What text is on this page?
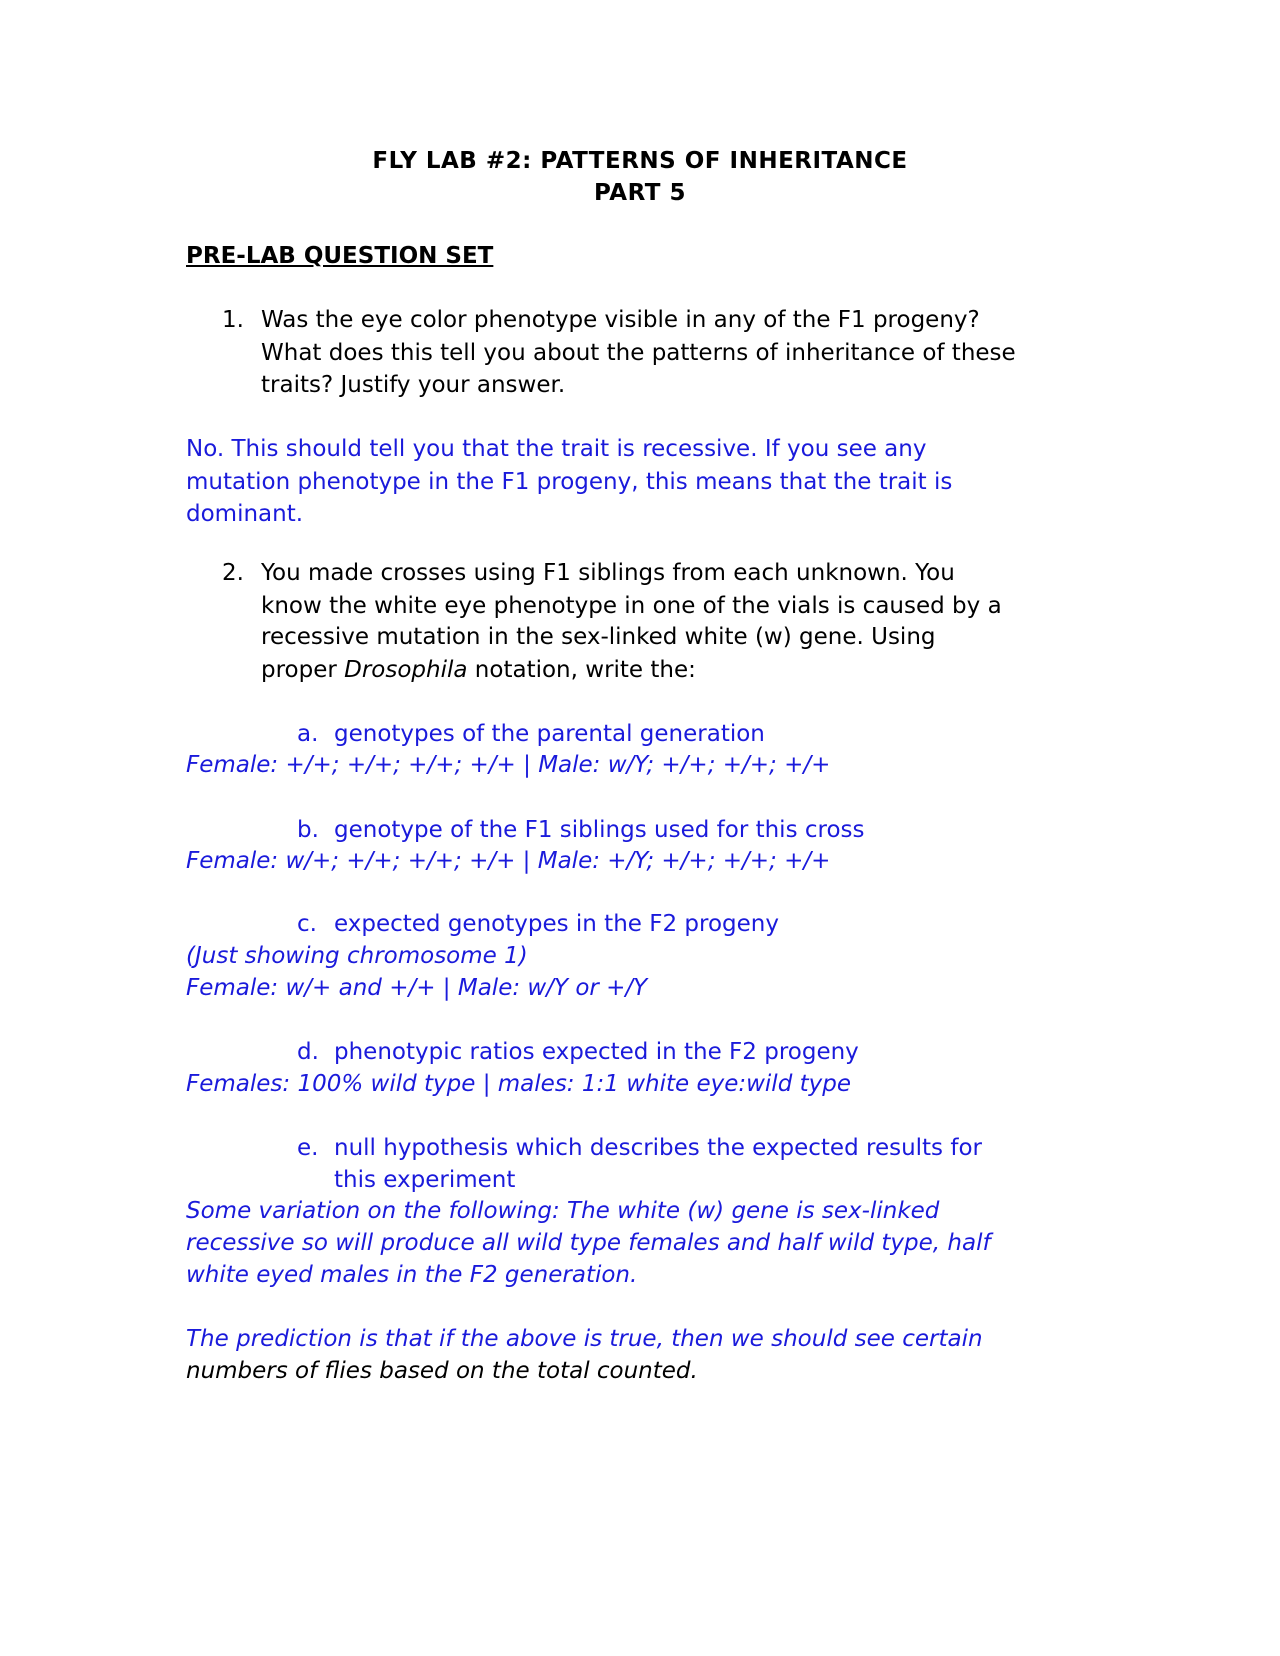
FLY LAB #2: PATTERNS OF INHERITANCE

PART 5

PRE-LAB QUESTION SET

1. Was the eye color phenotype visible in any of the F1 progeny?

What does this tell you about the patterns of inheritance of these

traits? Justify your answer.

No. This should tell you that the trait is recessive. If you see any

mutation phenotype in the F1 progeny, this means that the trait is

dominant.

2. You made crosses using F1 siblings from each unknown. You

know the white eye phenotype in one of the vials is caused by a

recessive mutation in the sex-linked white (w) gene. Using

proper Drosophila notation, write the:

a. genotypes of the parental generation

Female: +/+; +/+; +/+; +/+ | Male: w/Y; +/+; +/+; +/+

b. genotype of the F1 siblings used for this cross

Female: w/+; +/+; +/+; +/+ | Male: +/Y; +/+; +/+; +/+

c. expected genotypes in the F2 progeny

(Just showing chromosome 1)

Female: w/+ and +/+ | Male: w/Y or +/Y

d. phenotypic ratios expected in the F2 progeny

Females: 100% wild type | males: 1:1 white eye:wild type

e. null hypothesis which describes the expected results for

this experiment

Some variation on the following: The white (w) gene is sex-linked

recessive so will produce all wild type females and half wild type, half

white eyed males in the F2 generation.

The prediction is that if the above is true, then we should see certain

numbers of flies based on the total counted.
